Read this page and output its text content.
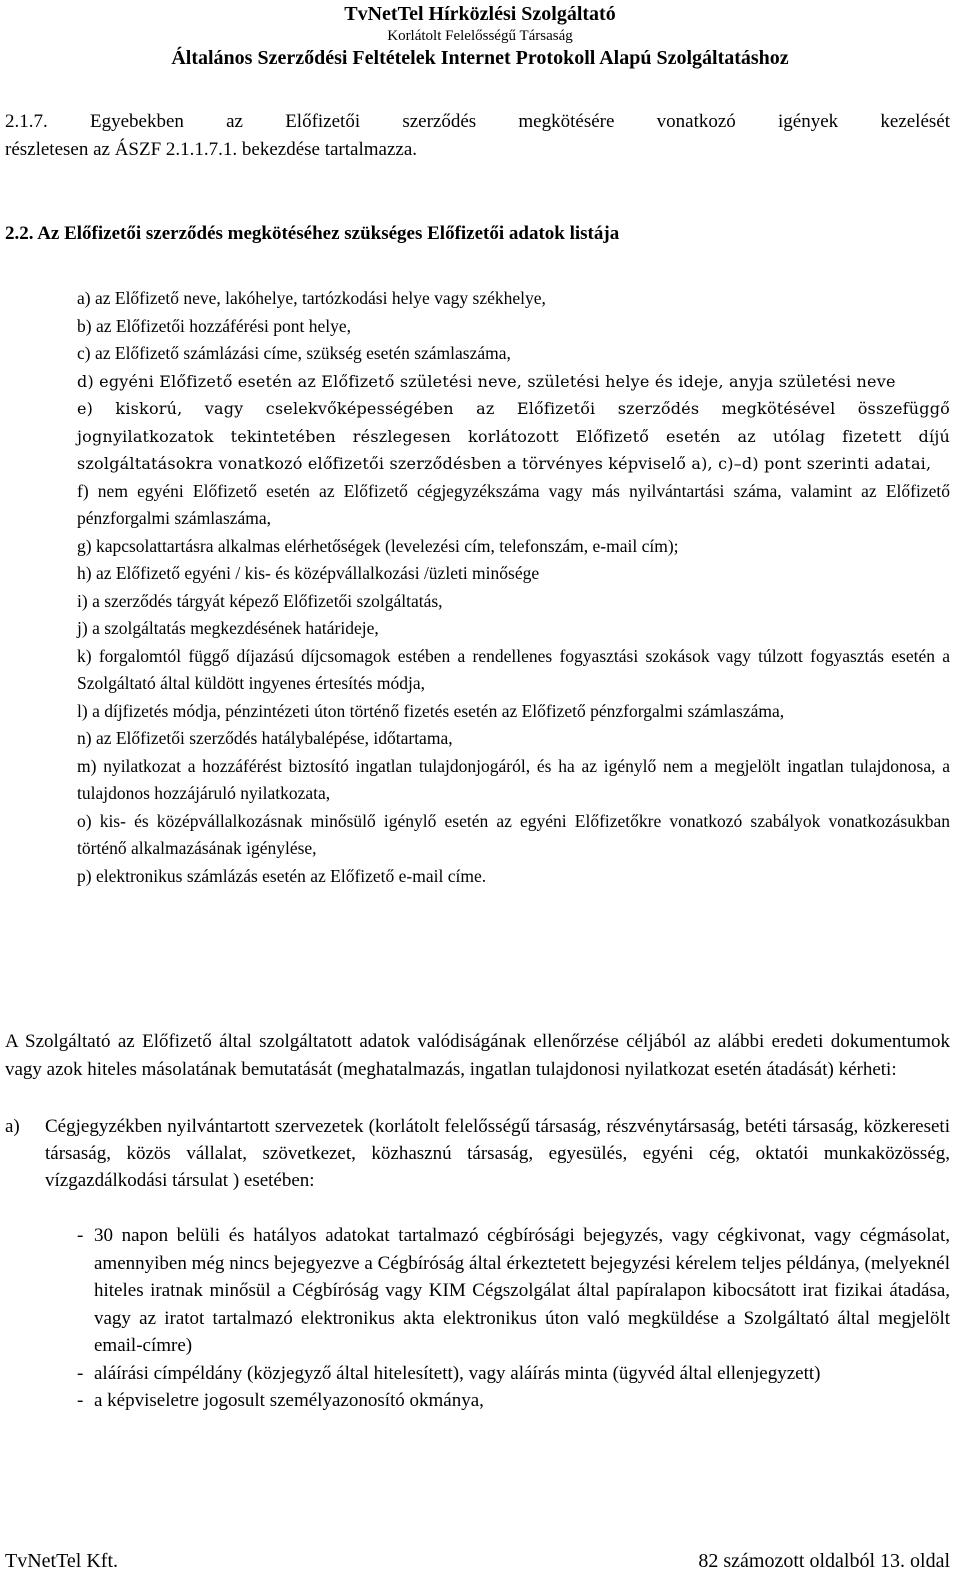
TvNetTel Hírközlési Szolgáltató
Korlátolt Felelősségű Társaság
Általános Szerződési Feltételek Internet Protokoll Alapú Szolgáltatáshoz
2.1.7. Egyebekben az Előfizetői szerződés megkötésére vonatkozó igények kezelését
részletesen az ÁSZF 2.1.1.7.1. bekezdése tartalmazza.
2.2. Az Előfizetői szerződés megkötéséhez szükséges Előfizetői adatok listája
a) az Előfizető neve, lakóhelye, tartózkodási helye vagy székhelye,
b) az Előfizetői hozzáférési pont helye,
c) az Előfizető számlázási címe, szükség esetén számlaszáma,
d) egyéni Előfizető esetén az Előfizető születési neve, születési helye és ideje, anyja születési neve
e) kiskorú, vagy cselekvőképességében az Előfizetői szerződés megkötésével összefüggő jognyilatkozatok tekintetében részlegesen korlátozott Előfizető esetén az utólag fizetett díjú szolgáltatásokra vonatkozó előfizetői szerződésben a törvényes képviselő a), c)–d) pont szerinti adatai,
f) nem egyéni Előfizető esetén az Előfizető cégjegyzékszáma vagy más nyilvántartási száma, valamint az Előfizető pénzforgalmi számlaszáma,
g) kapcsolattartásra alkalmas elérhetőségek (levelezési cím, telefonszám, e-mail cím);
h) az Előfizető egyéni / kis- és középvállalkozási /üzleti minősége
i) a szerződés tárgyát képező Előfizetői szolgáltatás,
j) a szolgáltatás megkezdésének határideje,
k) forgalomtól függő díjazású díjcsomagok estében a rendellenes fogyasztási szokások vagy túlzott fogyasztás esetén a Szolgáltató által küldött ingyenes értesítés módja,
l) a díjfizetés módja, pénzintézeti úton történő fizetés esetén az Előfizető pénzforgalmi számlaszáma,
n) az Előfizetői szerződés hatálybalépése, időtartama,
m) nyilatkozat a hozzáférést biztosító ingatlan tulajdonjogáról, és ha az igénylő nem a megjelölt ingatlan tulajdonosa, a tulajdonos hozzájáruló nyilatkozata,
o) kis- és középvállalkozásnak minősülő igénylő esetén az egyéni Előfizetőkre vonatkozó szabályok vonatkozásukban történő alkalmazásának igénylése,
p) elektronikus számlázás esetén az Előfizető e-mail címe.
A Szolgáltató az Előfizető által szolgáltatott adatok valódiságának ellenőrzése céljából az alábbi eredeti dokumentumok vagy azok hiteles másolatának bemutatását (meghatalmazás, ingatlan tulajdonosi nyilatkozat esetén átadását) kérheti:
a) Cégjegyzékben nyilvántartott szervezetek (korlátolt felelősségű társaság, részvénytársaság, betéti társaság, közkereseti társaság, közös vállalat, szövetkezet, közhasznú társaság, egyesülés, egyéni cég, oktatói munkaközösség, vízgazdálkodási társulat ) esetében:
- 30 napon belüli és hatályos adatokat tartalmazó cégbírósági bejegyzés, vagy cégkivonat, vagy cégmásolat, amennyiben még nincs bejegyezve a Cégbíróság által érkeztetett bejegyzési kérelem teljes példánya, (melyeknél hiteles iratnak minősül a Cégbíróság vagy KIM Cégszolgálat által papíralapon kibocsátott irat fizikai átadása, vagy az iratot tartalmazó elektronikus akta elektronikus úton való megküldése a Szolgáltató által megjelölt email-címre)
- aláírási címpéldány (közjegyző által hitelesített), vagy aláírás minta (ügyvéd által ellenjegyzett)
- a képviseletre jogosult személyazonosító okmánya,
TvNetTel Kft.	82 számozott oldalból 13. oldal
